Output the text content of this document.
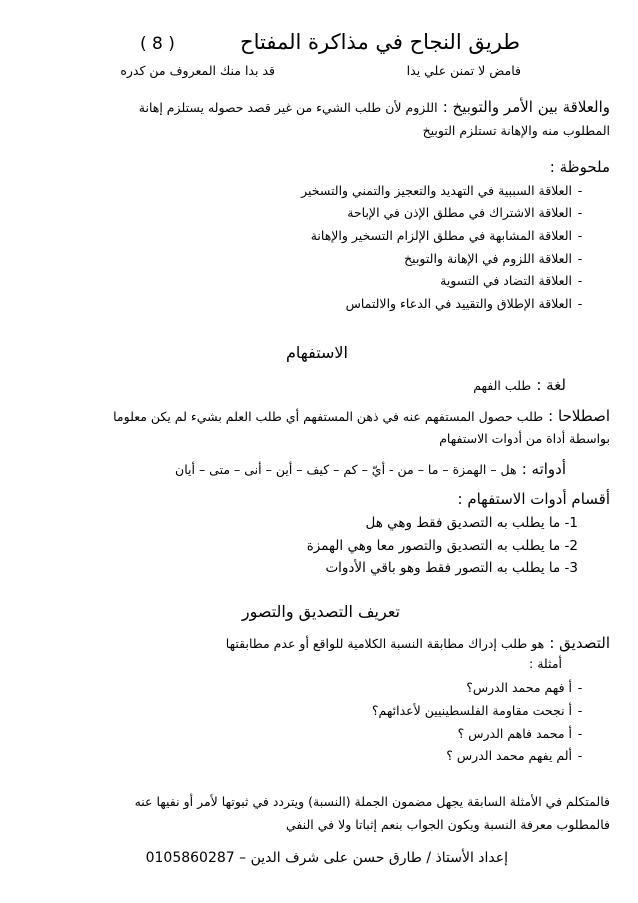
طريق النجاح في مذاكرة المفتاح
( 8 )
فامض لا تمنن علي يدا
قد بدا منك المعروف من كدره
والعلاقة بين الأمر والتوبيخ : اللزوم لأن طلب الشيء من غير قصد حصوله يستلزم إهانة
المطلوب منه والإهانة تستلزم التوبيخ
ملحوظة :
-العلاقة السببية في التهديد والتعجيز والتمني والتسخير
-العلاقة الاشتراك في مطلق الإذن في الإباحة
-العلاقة المشابهة في مطلق الإلزام التسخير والإهانة
-العلاقة اللزوم في الإهانة والتوبيخ
-العلاقة التضاد في التسوية
-العلاقة الإطلاق والتقييد في الدعاء والالتماس
الاستفهام
لغة : طلب الفهم
اصطلاحا : طلب حصول المستفهم عنه في ذهن المستفهم أي طلب العلم بشيء لم يكن معلوما
بواسطة أداة من أدوات الاستفهام
أدواته : هل – الهمزة – ما – من - أيّ – كم – كيف – أين – أنى – متى – أيان
أقسام أدوات الاستفهام :
1- ما يطلب به التصديق فقط وهي هل
2- ما يطلب به التصديق والتصور معا وهي الهمزة
3- ما يطلب به التصور فقط وهو باقي الأدوات
تعريف التصديق والتصور
التصديق : هو طلب إدراك مطابقة النسبة الكلامية للواقع أو عدم مطابقتها
أمثلة :
-أ فهم محمد الدرس؟
-أ نجحت مقاومة الفلسطينيين لأعدائهم؟
-أ محمد فاهم الدرس ؟
-ألم يفهم محمد الدرس ؟
فالمتكلم في الأمثلة السابقة يجهل مضمون الجملة (النسبة) ويتردد في ثبوتها لأمر أو نفيها عنه
فالمطلوب معرفة النسبة ويكون الجواب بنعم إثباتا ولا في النفي
إعداد الأستاذ / طارق حسن على شرف الدين – 0105860287
